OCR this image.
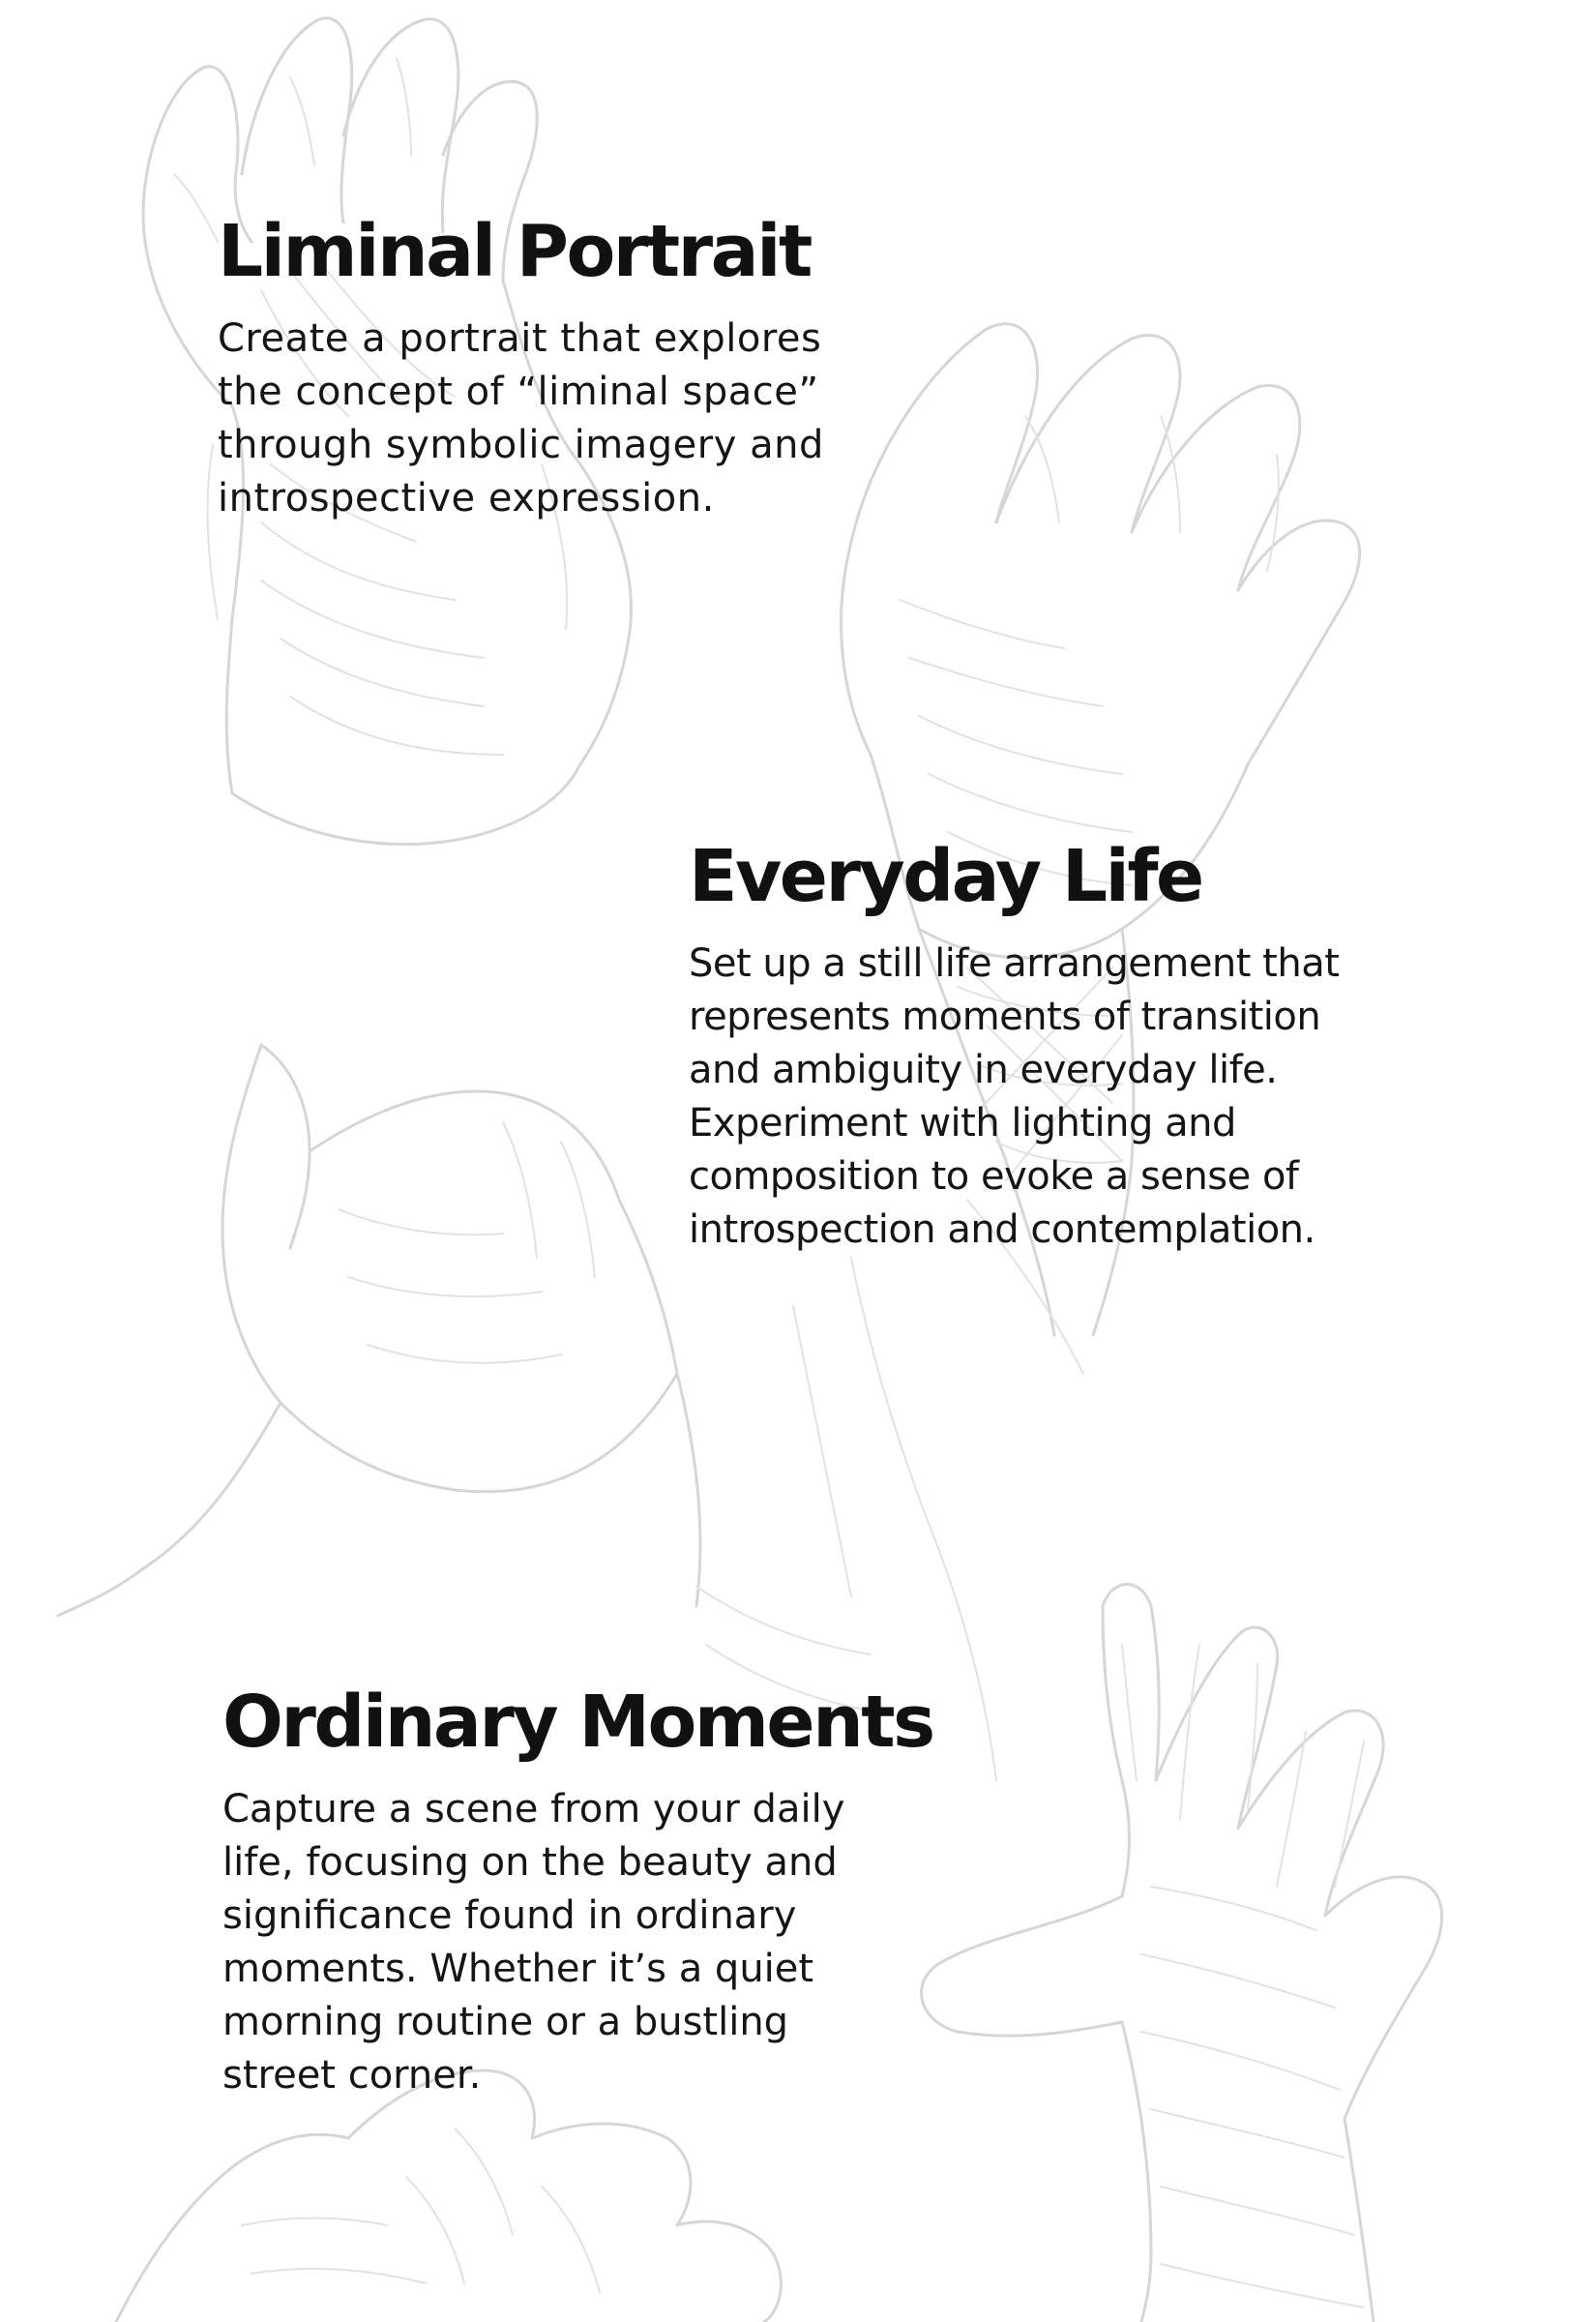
Liminal Portrait
Create a portrait that explores
the concept of “liminal space”
through symbolic imagery and
introspective expression.
Everyday Life
Set up a still life arrangement that
represents moments of transition
and ambiguity in everyday life.
Experiment with lighting and
composition to evoke a sense of
introspection and contemplation.
Ordinary Moments
Capture a scene from your daily
life, focusing on the beauty and
significance found in ordinary
moments. Whether it’s a quiet
morning routine or a bustling
street corner.
